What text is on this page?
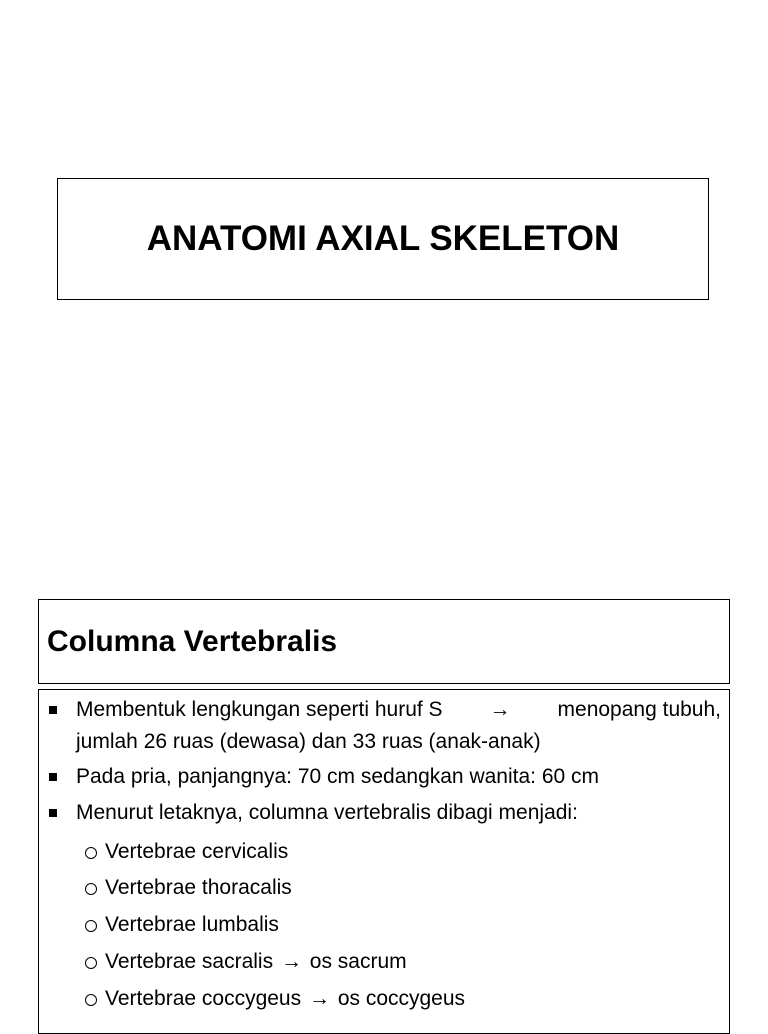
ANATOMI AXIAL SKELETON
Columna Vertebralis
Membentuk lengkungan seperti huruf S → menopang tubuh,
jumlah 26 ruas (dewasa) dan 33 ruas (anak-anak)
Pada pria, panjangnya: 70 cm sedangkan wanita: 60 cm
Menurut letaknya, columna vertebralis dibagi menjadi:
Vertebrae cervicalis
Vertebrae thoracalis
Vertebrae lumbalis
Vertebrae sacralis → os sacrum
Vertebrae coccygeus → os coccygeus
